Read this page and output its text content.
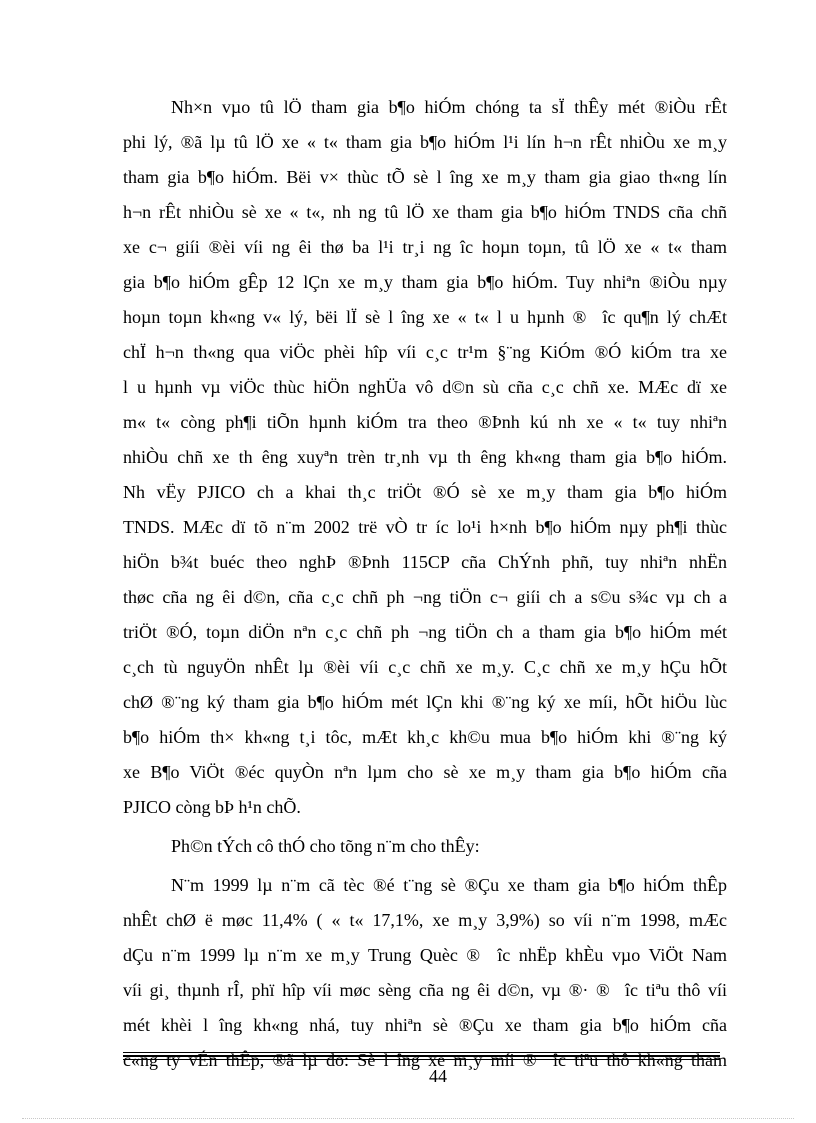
Nh×n vµo tû lÖ tham gia b¶o hiÓm chóng ta sÏ thÊy mét ®iÒu rÊt
phi lý, ®ã lµ tû lÖ xe « t« tham gia b¶o hiÓm l¹i lín h¬n rÊt nhiÒu xe m¸y
tham gia b¶o hiÓm. Bëi v× thùc tÕ sè l îng xe m¸y tham gia giao th«ng lín
h¬n rÊt nhiÒu sè xe « t«, nh ng tû lÖ xe tham gia b¶o hiÓm TNDS cña chñ
xe c¬ giíi ®èi víi ng êi thø ba l¹i tr¸i ng îc hoµn toµn, tû lÖ xe « t« tham
gia b¶o hiÓm gÊp 12 lÇn xe m¸y tham gia b¶o hiÓm. Tuy nhiªn ®iÒu nµy
hoµn toµn kh«ng v« lý, bëi lÏ sè l îng xe « t« l u hµnh ® îc qu¶n lý chÆt
chÏ h¬n th«ng qua viÖc phèi hîp víi c¸c tr¹m §¨ng KiÓm ®Ó kiÓm tra xe
l u hµnh vµ viÖc thùc hiÖn nghÜa vô d©n sù cña c¸c chñ xe. MÆc dï xe
m« t« còng ph¶i tiÕn hµnh kiÓm tra theo ®Þnh kú nh xe « t« tuy nhiªn
nhiÒu chñ xe th êng xuyªn trèn tr¸nh vµ th êng kh«ng tham gia b¶o hiÓm.
Nh vËy PJICO ch a khai th¸c triÖt ®Ó sè xe m¸y tham gia b¶o hiÓm
TNDS. MÆc dï tõ n¨m 2002 trë vÒ tr íc lo¹i h×nh b¶o hiÓm nµy ph¶i thùc
hiÖn b¾t buéc theo nghÞ ®Þnh 115CP cña ChÝnh phñ, tuy nhiªn nhËn
thøc cña ng êi d©n, cña c¸c chñ ph ¬ng tiÖn c¬ giíi ch a s©u s¾c vµ ch a
triÖt ®Ó, toµn diÖn nªn c¸c chñ ph ¬ng tiÖn ch a tham gia b¶o hiÓm mét
c¸ch tù nguyÖn nhÊt lµ ®èi víi c¸c chñ xe m¸y. C¸c chñ xe m¸y hÇu hÕt
chØ ®¨ng ký tham gia b¶o hiÓm mét lÇn khi ®¨ng ký xe míi, hÕt hiÖu lùc
b¶o hiÓm th× kh«ng t¸i tôc, mÆt kh¸c kh©u mua b¶o hiÓm khi ®¨ng ký
xe B¶o ViÖt ®éc quyÒn nªn lµm cho sè xe m¸y tham gia b¶o hiÓm cña
PJICO còng bÞ h¹n chÕ.
Ph©n tÝch cô thÓ cho tõng n¨m cho thÊy:
N¨m 1999 lµ n¨m cã tèc ®é t¨ng sè ®Çu xe tham gia b¶o hiÓm thÊp
nhÊt chØ ë møc 11,4% ( « t« 17,1%, xe m¸y 3,9%) so víi n¨m 1998, mÆc
dÇu n¨m 1999 lµ n¨m xe m¸y Trung Quèc ® îc nhËp khÈu vµo ViÖt Nam
víi gi¸ thµnh rÎ, phï hîp víi møc sèng cña ng êi d©n, vµ ®· ® îc tiªu thô víi
mét khèi l îng kh«ng nhá, tuy nhiªn sè ®Çu xe tham gia b¶o hiÓm cña
c«ng ty vÉn thÊp, ®ã lµ do: Sè l îng xe m¸y míi ® îc tiªu thô kh«ng tham
44
